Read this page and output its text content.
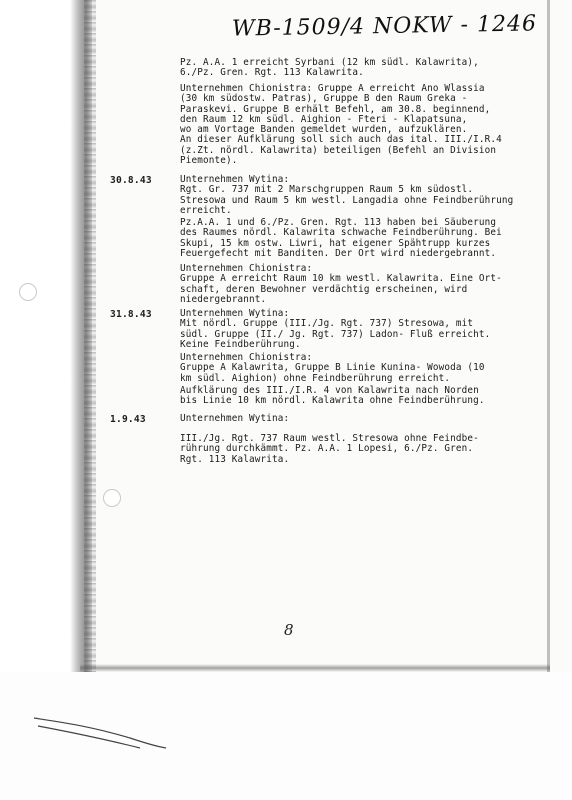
WB-1509/4 NOKW - 1246
Pz. A.A. 1 erreicht Syrbani (12 km südl. Kalawrita),
6./Pz. Gren. Rgt. 113 Kalawrita.
Unternehmen Chionistra: Gruppe A erreicht Ano Wlassia
(30 km südostw. Patras), Gruppe B den Raum Greka -
Paraskevi. Gruppe B erhält Befehl, am 30.8. beginnend,
den Raum 12 km südl. Aighion - Fteri - Klapatsuna,
wo am Vortage Banden gemeldet wurden, aufzuklären.
An dieser Aufklärung soll sich auch das ital. III./I.R.4
(z.Zt. nördl. Kalawrita) beteiligen (Befehl an Division
Piemonte).
30.8.43	Unternehmen Wytina:
Rgt. Gr. 737 mit 2 Marschgruppen Raum 5 km südostl.
Stresowa und Raum 5 km westl. Langadia ohne Feindberührung
erreicht.
Pz.A.A. 1 und 6./Pz. Gren. Rgt. 113 haben bei Säuberung
des Raumes nördl. Kalawrita schwache Feindberührung. Bei
Skupi, 15 km ostw. Liwri, hat eigener Spähtrupp kurzes
Feuergefecht mit Banditen. Der Ort wird niedergebrannt.
Unternehmen Chionistra:
Gruppe A erreicht Raum 10 km westl. Kalawrita. Eine Ort-
schaft, deren Bewohner verdächtig erscheinen, wird
niedergebrannt.
31.8.43	Unternehmen Wytina:
Mit nördl. Gruppe (III./Jg. Rgt. 737) Stresowa, mit
südl. Gruppe (II./ Jg. Rgt. 737) Ladon- Fluß erreicht.
Keine Feindberührung.
Unternehmen Chionistra:
Gruppe A Kalawrita, Gruppe B Linie Kunina- Wowoda (10
km südl. Aighion) ohne Feindberührung erreicht.
Aufklärung des III./I.R. 4 von Kalawrita nach Norden
bis Linie 10 km nördl. Kalawrita ohne Feindberührung.
1.9.43	Unternehmen Wytina:
III./Jg. Rgt. 737 Raum westl. Stresowa ohne Feindbe-
rührung durchkämmt. Pz. A.A. 1 Lopesi, 6./Pz. Gren.
Rgt. 113 Kalawrita.
8
